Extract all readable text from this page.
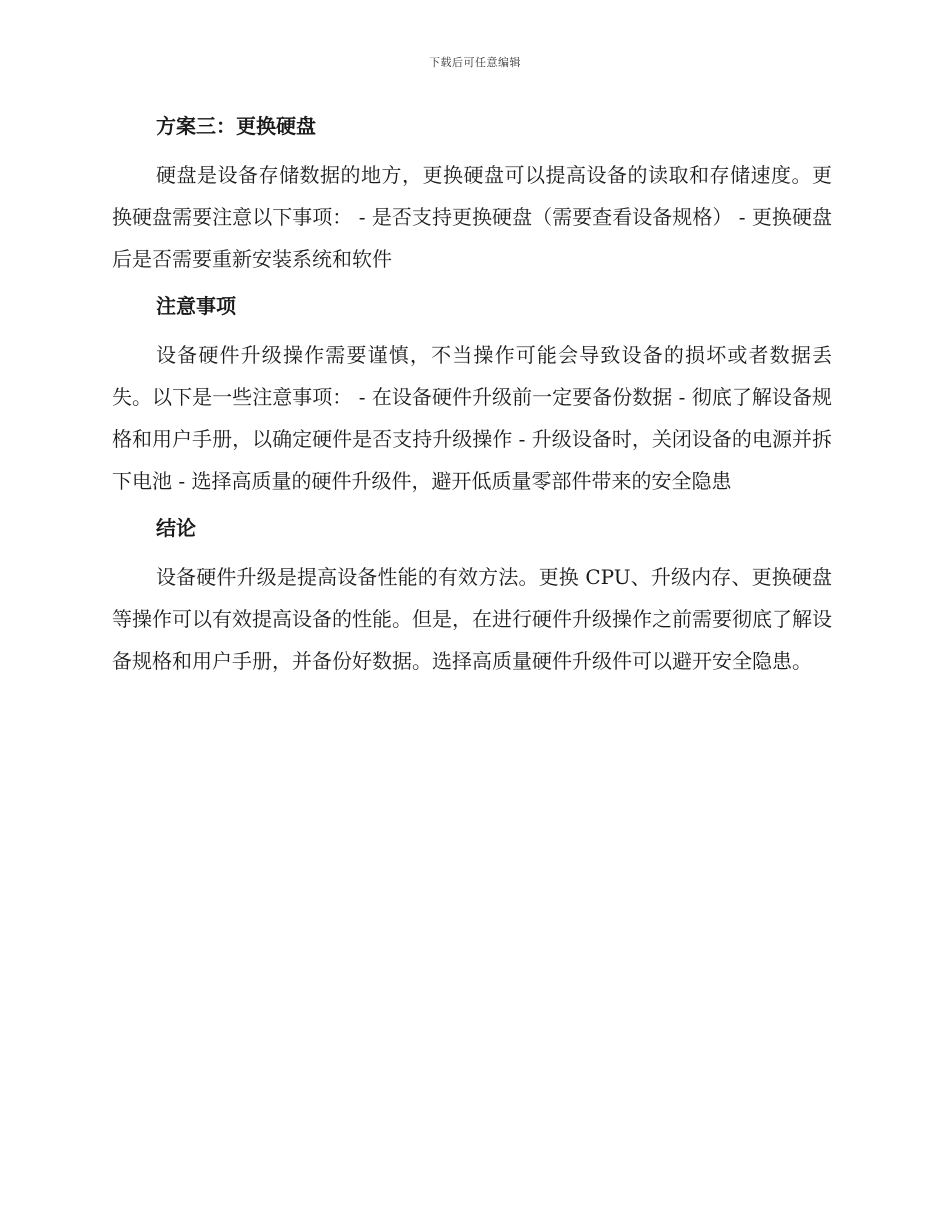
下载后可任意编辑
方案三：更换硬盘

硬盘是设备存储数据的地方，更换硬盘可以提高设备的读取和存储速度。更换硬盘需要注意以下事项： - 是否支持更换硬盘（需要查看设备规格） - 更换硬盘后是否需要重新安装系统和软件

注意事项

设备硬件升级操作需要谨慎，不当操作可能会导致设备的损坏或者数据丢失。以下是一些注意事项： - 在设备硬件升级前一定要备份数据 - 彻底了解设备规格和用户手册，以确定硬件是否支持升级操作 - 升级设备时，关闭设备的电源并拆下电池 - 选择高质量的硬件升级件，避开低质量零部件带来的安全隐患

结论

设备硬件升级是提高设备性能的有效方法。更换 CPU、升级内存、更换硬盘等操作可以有效提高设备的性能。但是，在进行硬件升级操作之前需要彻底了解设备规格和用户手册，并备份好数据。选择高质量硬件升级件可以避开安全隐患。
